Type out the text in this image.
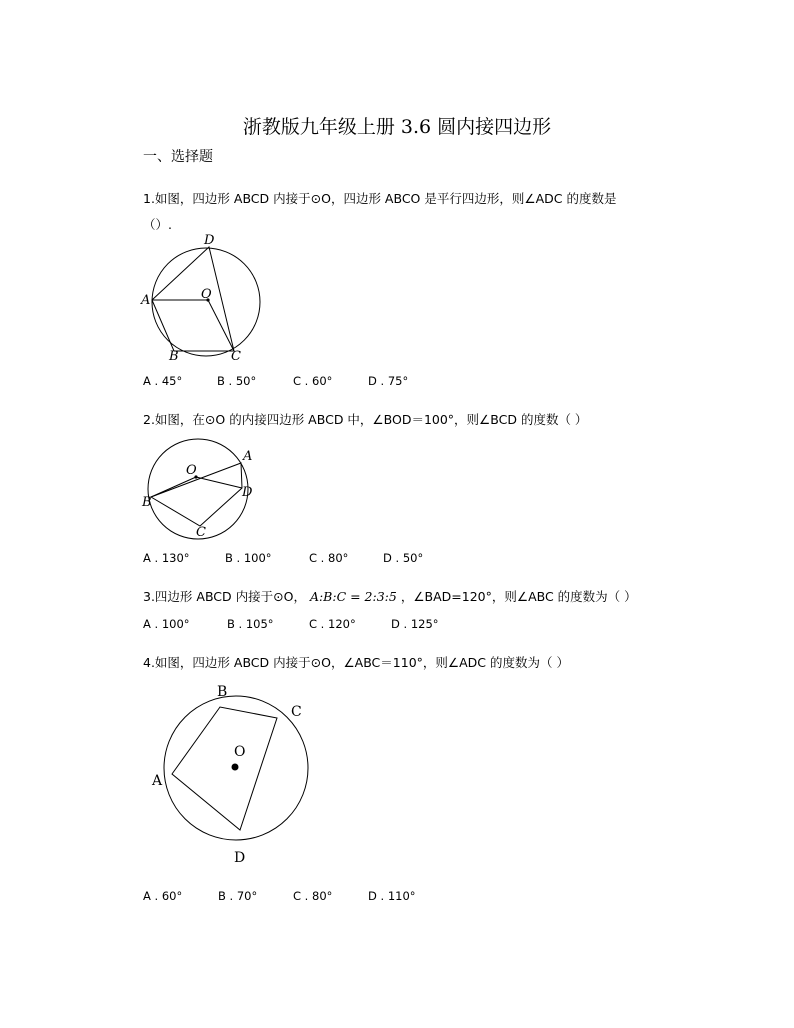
浙教版九年级上册 3.6 圆内接四边形
一、选择题
1.如图，四边形 ABCD 内接于⊙O，四边形 ABCO 是平行四边形，则∠ADC 的度数是
（）.
D
A	O
B	C
A . 45°	B . 50°	C . 60°	D . 75°
2.如图，在⊙O 的内接四边形 ABCD 中，∠BOD＝100°，则∠BCD 的度数（ ）
O
A
B
D
C
A . 130°	B . 100°	C . 80°	D . 50°
3.四边形 ABCD 内接于⊙O， A:B:C = 2:3:5 ，∠BAD=120°，则∠ABC 的度数为（ ）
A . 100°	B . 105°	C . 120°	D . 125°
4.如图，四边形 ABCD 内接于⊙O，∠ABC＝110°，则∠ADC 的度数为（ ）
B
C
O
A
D
A . 60°	B . 70°	C . 80°	D . 110°
